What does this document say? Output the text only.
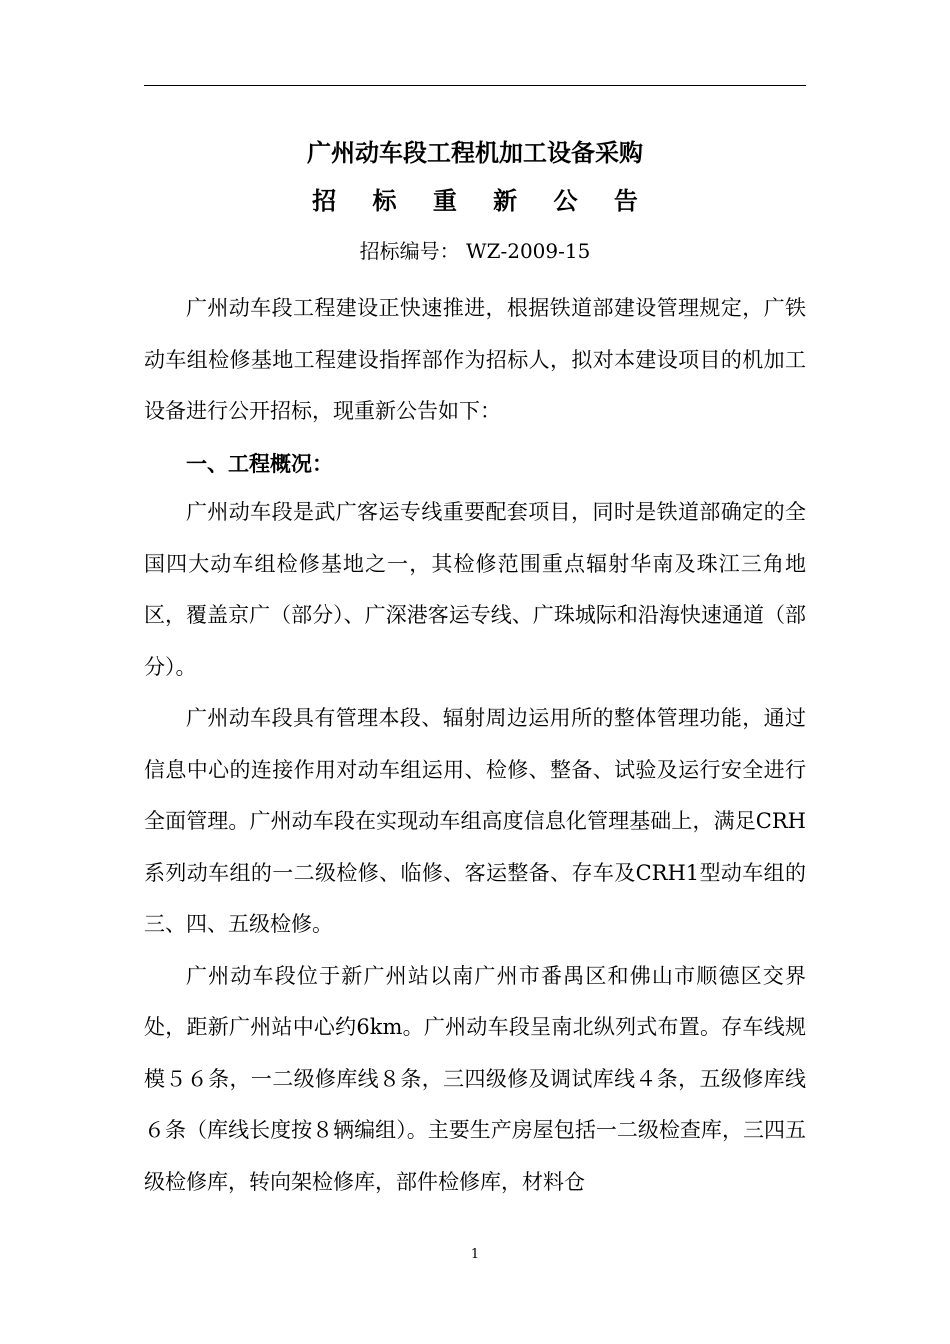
广州动车段工程机加工设备采购
招 标 重 新 公 告
招标编号： WZ-2009-15

广州动车段工程建设正快速推进，根据铁道部建设管理规定，广铁动车组检修基地工程建设指挥部作为招标人，拟对本建设项目的机加工设备进行公开招标，现重新公告如下：

一、工程概况：

广州动车段是武广客运专线重要配套项目，同时是铁道部确定的全国四大动车组检修基地之一，其检修范围重点辐射华南及珠江三角地区，覆盖京广（部分）、广深港客运专线、广珠城际和沿海快速通道（部分）。

广州动车段具有管理本段、辐射周边运用所的整体管理功能，通过信息中心的连接作用对动车组运用、检修、整备、试验及运行安全进行全面管理。广州动车段在实现动车组高度信息化管理基础上，满足CRH系列动车组的一二级检修、临修、客运整备、存车及CRH1型动车组的三、四、五级检修。

广州动车段位于新广州站以南广州市番禺区和佛山市顺德区交界处，距新广州站中心约6km。广州动车段呈南北纵列式布置。存车线规模５６条，一二级修库线８条，三四级修及调试库线４条，五级修库线６条（库线长度按８辆编组）。主要生产房屋包括一二级检查库，三四五级检修库，转向架检修库，部件检修库，材料仓

1
